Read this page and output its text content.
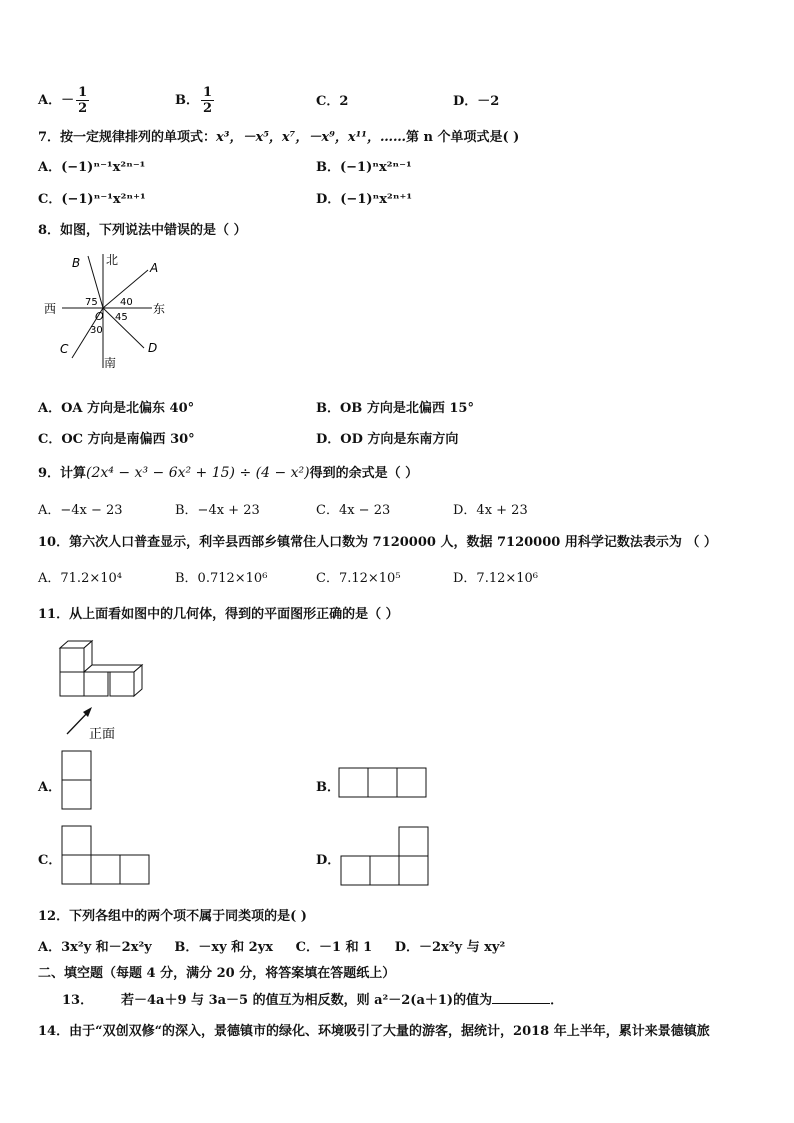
A．－ $\frac{1}{2}$	B． $\frac{1}{2}$	C．2	D．－2
7．按一定规律排列的单项式：x³，－x⁵，x⁷，－x⁹，x¹¹，……第 n 个单项式是( )
A．(−1)ⁿ⁻¹x²ⁿ⁻¹	B．(−1)ⁿx²ⁿ⁻¹
C．(−1)ⁿ⁻¹x²ⁿ⁺¹	D．(−1)ⁿx²ⁿ⁺¹
8．如图，下列说法中错误的是（ ）
北
南
西	东
A
B
C	D
O
75 40
45
30
A．OA 方向是北偏东 40°	B．OB 方向是北偏西 15°
C．OC 方向是南偏西 30°	D．OD 方向是东南方向
9．计算(2x⁴ − x³ − 6x² + 15) ÷ (4 − x²)得到的余式是（ ）
A．−4x − 23	B．−4x + 23	C．4x − 23	D．4x + 23
10．第六次人口普查显示，利辛县西部乡镇常住人口数为 7120000 人，数据 7120000 用科学记数法表示为 （ ）
A．71.2×10⁴	B．0.712×10⁶	C．7.12×10⁵	D．7.12×10⁶
11．从上面看如图中的几何体，得到的平面图形正确的是（ ）
正面
A．	B．
C．	D．
12．下列各组中的两个项不属于同类项的是( )
A．3x²y 和－2x²y     B．－xy 和 2yx     C．－1 和 1     D．－2x²y 与 xy²
二、填空题（每题 4 分，满分 20 分，将答案填在答题纸上）
13． 若－4a＋9 与 3a－5 的值互为相反数，则 a²－2(a＋1)的值为	．
14．由于“双创双修“的深入，景德镇市的绿化、环境吸引了大量的游客，据统计，2018 年上半年，累计来景德镇旅
